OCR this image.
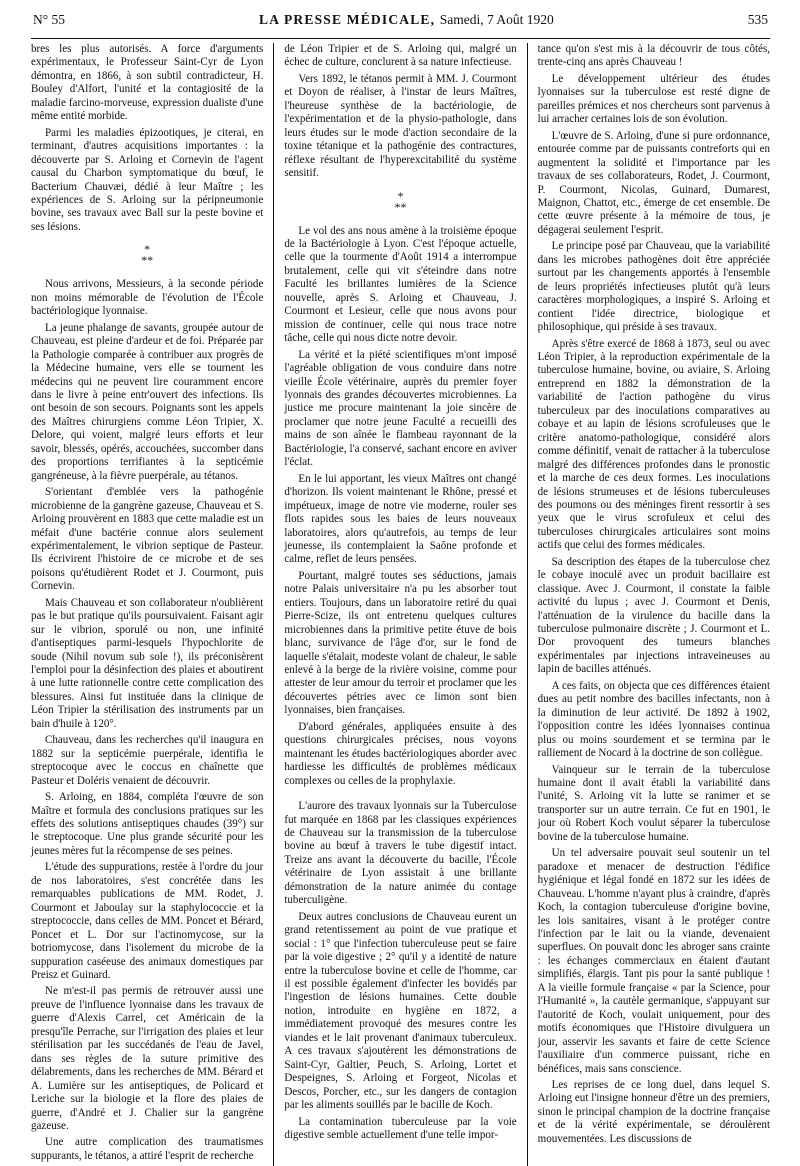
N° 55	LA PRESSE MÉDICALE, Samedi, 7 Août 1920	535

bres les plus autorisés. A force d'arguments expérimentaux, le Professeur Saint-Cyr de Lyon démontra, en 1866, à son subtil contradicteur, H. Bouley d'Alfort, l'unité et la contagiosité de la maladie farcino-morveuse, expression dualiste d'une même entité morbide.

Parmi les maladies épizootiques, je citerai, en terminant, d'autres acquisitions importantes : la découverte par S. Arloing et Cornevin de l'agent causal du Charbon symptomatique du bœuf, le Bacterium Chauvæi, dédié à leur Maître ; les expériences de S. Arloing sur la péripneumonie bovine, ses travaux avec Ball sur la peste bovine et ses lésions.

*
**

Nous arrivons, Messieurs, à la seconde période non moins mémorable de l'évolution de l'École bactériologique lyonnaise.

La jeune phalange de savants, groupée autour de Chauveau, est pleine d'ardeur et de foi. Préparée par la Pathologie comparée à contribuer aux progrès de la Médecine humaine, vers elle se tournent les médecins qui ne peuvent lire couramment encore dans le livre à peine entr'ouvert des infections. Ils ont besoin de son secours. Poignants sont les appels des Maîtres chirurgiens comme Léon Tripier, X. Delore, qui voient, malgré leurs efforts et leur savoir, blessés, opérés, accouchées, succomber dans des proportions terrifiantes à la septicémie gangréneuse, à la fièvre puerpérale, au tétanos.

S'orientant d'emblée vers la pathogénie microbienne de la gangrène gazeuse, Chauveau et S. Arloing prouvèrent en 1883 que cette maladie est un méfait d'une bactérie connue alors seulement expérimentalement, le vibrion septique de Pasteur. Ils écrivirent l'histoire de ce microbe et de ses poisons qu'étudièrent Rodet et J. Courmont, puis Cornevin.

Mais Chauveau et son collaborateur n'oublièrent pas le but pratique qu'ils poursuivaient. Faisant agir sur le vibrion, sporulé ou non, une infinité d'antiseptiques parmi-lesquels l'hypochlorite de soude (Nihil novum sub sole !), ils préconisèrent l'emploi pour la désinfection des plaies et aboutirent à une lutte rationnelle contre cette complication des blessures. Ainsi fut instituée dans la clinique de Léon Tripier la stérilisation des instruments par un bain d'huile à 120°.

Chauveau, dans les recherches qu'il inaugura en 1882 sur la septicémie puerpérale, identifia le streptocoque avec le coccus en chaînette que Pasteur et Doléris venaient de découvrir.

S. Arloing, en 1884, compléta l'œuvre de son Maître et formula des conclusions pratiques sur les effets des solutions antiseptiques chaudes (39°) sur le streptocoque. Une plus grande sécurité pour les jeunes mères fut la récompense de ses peines.

L'étude des suppurations, restée à l'ordre du jour de nos laboratoires, s'est concrétée dans les remarquables publications de MM. Rodet, J. Courmont et Jaboulay sur la staphylococcie et la streptococcie, dans celles de MM. Poncet et Bérard, Poncet et L. Dor sur l'actinomycose, sur la botriomycose, dans l'isolement du microbe de la suppuration caséeuse des animaux domestiques par Preisz et Guinard.

Ne m'est-il pas permis de retrouver aussi une preuve de l'influence lyonnaise dans les travaux de guerre d'Alexis Carrel, cet Américain de la presqu'île Perrache, sur l'irrigation des plaies et leur stérilisation par les succédanés de l'eau de Javel, dans ses règles de la suture primitive des délabrements, dans les recherches de MM. Bérard et A. Lumière sur les antiseptiques, de Policard et Leriche sur la biologie et la flore des plaies de guerre, d'André et J. Chalier sur la gangrène gazeuse.

Une autre complication des traumatismes suppurants, le tétanos, a attiré l'esprit de recherche

de Léon Tripier et de S. Arloing qui, malgré un échec de culture, conclurent à sa nature infectieuse.

Vers 1892, le tétanos permit à MM. J. Courmont et Doyon de réaliser, à l'instar de leurs Maîtres, l'heureuse synthèse de la bactériologie, de l'expérimentation et de la physio-pathologie, dans leurs études sur le mode d'action secondaire de la toxine tétanique et la pathogénie des contractures, réflexe résultant de l'hyperexcitabilité du système sensitif.

*
**

Le vol des ans nous amène à la troisième époque de la Bactériologie à Lyon. C'est l'époque actuelle, celle que la tourmente d'Août 1914 a interrompue brutalement, celle qui vit s'éteindre dans notre Faculté les brillantes lumières de la Science nouvelle, après S. Arloing et Chauveau, J. Courmont et Lesieur, celle que nous avons pour mission de continuer, celle qui nous trace notre tâche, celle qui nous dicte notre devoir.

La vérité et la piété scientifiques m'ont imposé l'agréable obligation de vous conduire dans notre vieille École vétérinaire, auprès du premier foyer lyonnais des grandes découvertes microbiennes. La justice me procure maintenant la joie sincère de proclamer que notre jeune Faculté a recueilli des mains de son aînée le flambeau rayonnant de la Bactériologie, l'a conservé, sachant encore en aviver l'éclat.

En le lui apportant, les vieux Maîtres ont changé d'horizon. Ils voient maintenant le Rhône, pressé et impétueux, image de notre vie moderne, rouler ses flots rapides sous les baies de leurs nouveaux laboratoires, alors qu'autrefois, au temps de leur jeunesse, ils contemplaient la Saône profonde et calme, reflet de leurs pensées.

Pourtant, malgré toutes ses séductions, jamais notre Palais universitaire n'a pu les absorber tout entiers. Toujours, dans un laboratoire retiré du quai Pierre-Scize, ils ont entretenu quelques cultures microbiennes dans la primitive petite étuve de bois blanc, survivance de l'âge d'or, sur le fond de laquelle s'étalait, modeste volant de chaleur, le sable enlevé à la berge de la rivière voisine, comme pour attester de leur amour du terroir et proclamer que les découvertes pétries avec ce limon sont bien lyonnaises, bien françaises.

D'abord générales, appliquées ensuite à des questions chirurgicales précises, nous voyons maintenant les études bactériologiques aborder avec hardiesse les difficultés de problèmes médicaux complexes ou celles de la prophylaxie.

L'aurore des travaux lyonnais sur la Tuberculose fut marquée en 1868 par les classiques expériences de Chauveau sur la transmission de la tuberculose bovine au bœuf à travers le tube digestif intact. Treize ans avant la découverte du bacille, l'École vétérinaire de Lyon assistait à une brillante démonstration de la nature animée du contage tuberculigène.

Deux autres conclusions de Chauveau eurent un grand retentissement au point de vue pratique et social : 1° que l'infection tuberculeuse peut se faire par la voie digestive ; 2° qu'il y a identité de nature entre la tuberculose bovine et celle de l'homme, car il est possible également d'infecter les bovidés par l'ingestion de lésions humaines. Cette double notion, introduite en hygiène en 1872, a immédiatement provoqué des mesures contre les viandes et le lait provenant d'animaux tuberculeux. A ces travaux s'ajoutèrent les démonstrations de Saint-Cyr, Galtier, Peuch, S. Arloing, Lortet et Despeignes, S. Arloing et Forgeot, Nicolas et Descos, Porcher, etc., sur les dangers de contagion par les aliments souillés par le bacille de Koch.

La contamination tuberculeuse par la voie digestive semble actuellement d'une telle impor-

tance qu'on s'est mis à la découvrir de tous côtés, trente-cinq ans après Chauveau !

Le développement ultérieur des études lyonnaises sur la tuberculose est resté digne de pareilles prémices et nos chercheurs sont parvenus à lui arracher certaines lois de son évolution.

L'œuvre de S. Arloing, d'une si pure ordonnance, entourée comme par de puissants contreforts qui en augmentent la solidité et l'importance par les travaux de ses collaborateurs, Rodet, J. Courmont, P. Courmont, Nicolas, Guinard, Dumarest, Maignon, Chattot, etc., émerge de cet ensemble. De cette œuvre présente à la mémoire de tous, je dégagerai seulement l'esprit.

Le principe posé par Chauveau, que la variabilité dans les microbes pathogènes doit être appréciée surtout par les changements apportés à l'ensemble de leurs propriétés infectieuses plutôt qu'à leurs caractères morphologiques, a inspiré S. Arloing et contient l'idée directrice, biologique et philosophique, qui préside à ses travaux.

Après s'être exercé de 1868 à 1873, seul ou avec Léon Tripier, à la reproduction expérimentale de la tuberculose humaine, bovine, ou aviaire, S. Arloing entreprend en 1882 la démonstration de la variabilité de l'action pathogène du virus tuberculeux par des inoculations comparatives au cobaye et au lapin de lésions scrofuleuses que le critère anatomo-pathologique, considéré alors comme définitif, venait de rattacher à la tuberculose malgré des différences profondes dans le pronostic et la marche de ces deux formes. Les inoculations de lésions strumeuses et de lésions tuberculeuses des poumons ou des méninges firent ressortir à ses yeux que le virus scrofuleux et celui des tuberculoses chirurgicales articulaires sont moins actifs que celui des formes médicales.

Sa description des étapes de la tuberculose chez le cobaye inoculé avec un produit bacillaire est classique. Avec J. Courmont, il constate la faible activité du lupus ; avec J. Courmont et Denis, l'atténuation de la virulence du bacille dans la tuberculose pulmonaire discrète ; J. Courmont et L. Dor provoquent des tumeurs blanches expérimentales par injections intraveineuses au lapin de bacilles atténués.

A ces faits, on objecta que ces différences étaient dues au petit nombre des bacilles infectants, non à la diminution de leur activité. De 1892 à 1902, l'opposition contre les idées lyonnaises continua plus ou moins sourdement et se termina par le ralliement de Nocard à la doctrine de son collègue.

Vainqueur sur le terrain de la tuberculose humaine dont il avait établi la variabilité dans l'unité, S. Arloing vit la lutte se ranimer et se transporter sur un autre terrain. Ce fut en 1901, le jour où Robert Koch voulut séparer la tuberculose bovine de la tuberculose humaine.

Un tel adversaire pouvait seul soutenir un tel paradoxe et menacer de destruction l'édifice hygiénique et légal fondé en 1872 sur les idées de Chauveau. L'homme n'ayant plus à craindre, d'après Koch, la contagion tuberculeuse d'origine bovine, les lois sanitaires, visant à le protéger contre l'infection par le lait ou la viande, devenaient superflues. On pouvait donc les abroger sans crainte : les échanges commerciaux en étaient d'autant simplifiés, élargis. Tant pis pour la santé publique ! A la vieille formule française « par la Science, pour l'Humanité », la cautèle germanique, s'appuyant sur l'autorité de Koch, voulait uniquement, pour des motifs économiques que l'Histoire divulguera un jour, asservir les savants et faire de cette Science l'auxiliaire d'un commerce puissant, riche en bénéfices, mais sans conscience.

Les reprises de ce long duel, dans lequel S. Arloing eut l'insigne honneur d'être un des premiers, sinon le principal champion de la doctrine française et de la vérité expérimentale, se déroulèrent mouvementées. Les discussions de
